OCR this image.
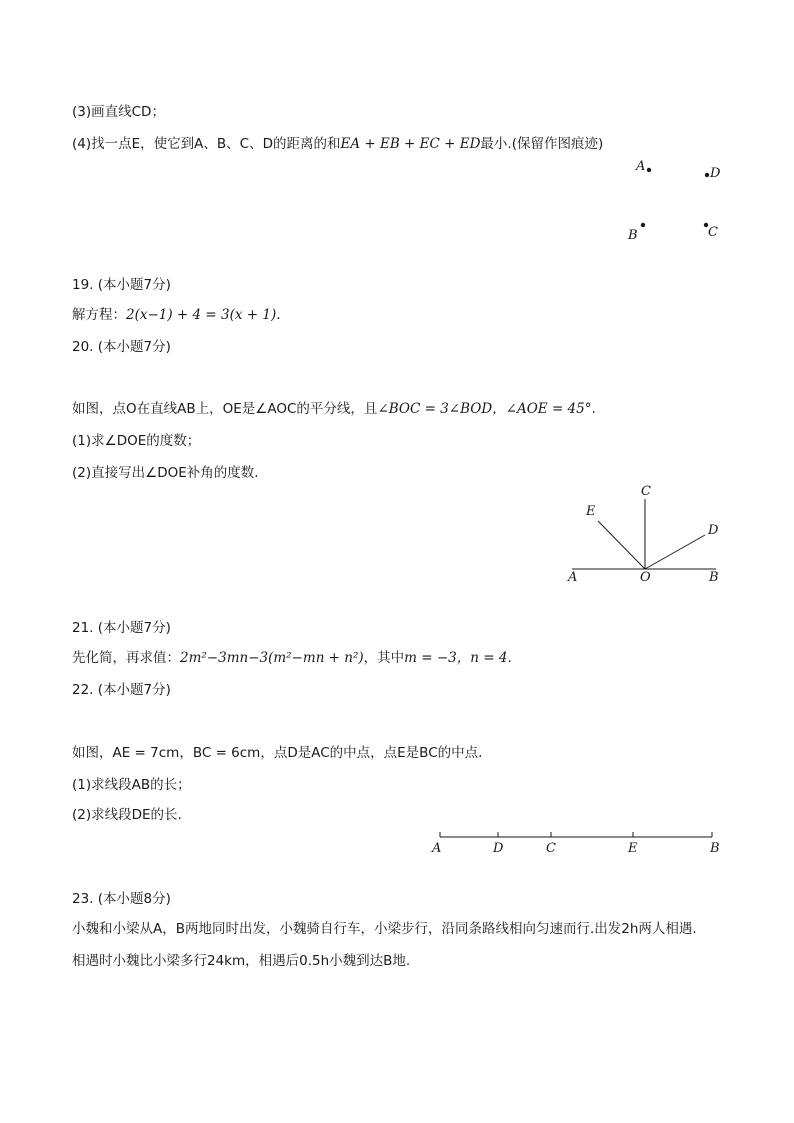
(3)画直线CD；
(4)找一点E，使它到A、B、C、D的距离的和EA + EB + EC + ED最小.(保留作图痕迹)
A	D
B	C
19. (本小题7分)
解方程：2(x−1) + 4 = 3(x + 1).
20. (本小题7分)
如图，点O在直线AB上，OE是∠AOC的平分线，且∠BOC = 3∠BOD，∠AOE = 45°.
(1)求∠DOE的度数；
(2)直接写出∠DOE补角的度数.
C
E
D
A	O	B
21. (本小题7分)
先化简，再求值：2m²−3mn−3(m²−mn + n²)，其中m = −3，n = 4.
22. (本小题7分)
如图，AE = 7cm，BC = 6cm，点D是AC的中点，点E是BC的中点.
(1)求线段AB的长；
(2)求线段DE的长.
A	D	C	E	B
23. (本小题8分)
小魏和小梁从A，B两地同时出发，小魏骑自行车，小梁步行，沿同条路线相向匀速而行.出发2h两人相遇.
相遇时小魏比小梁多行24km，相遇后0.5h小魏到达B地.
